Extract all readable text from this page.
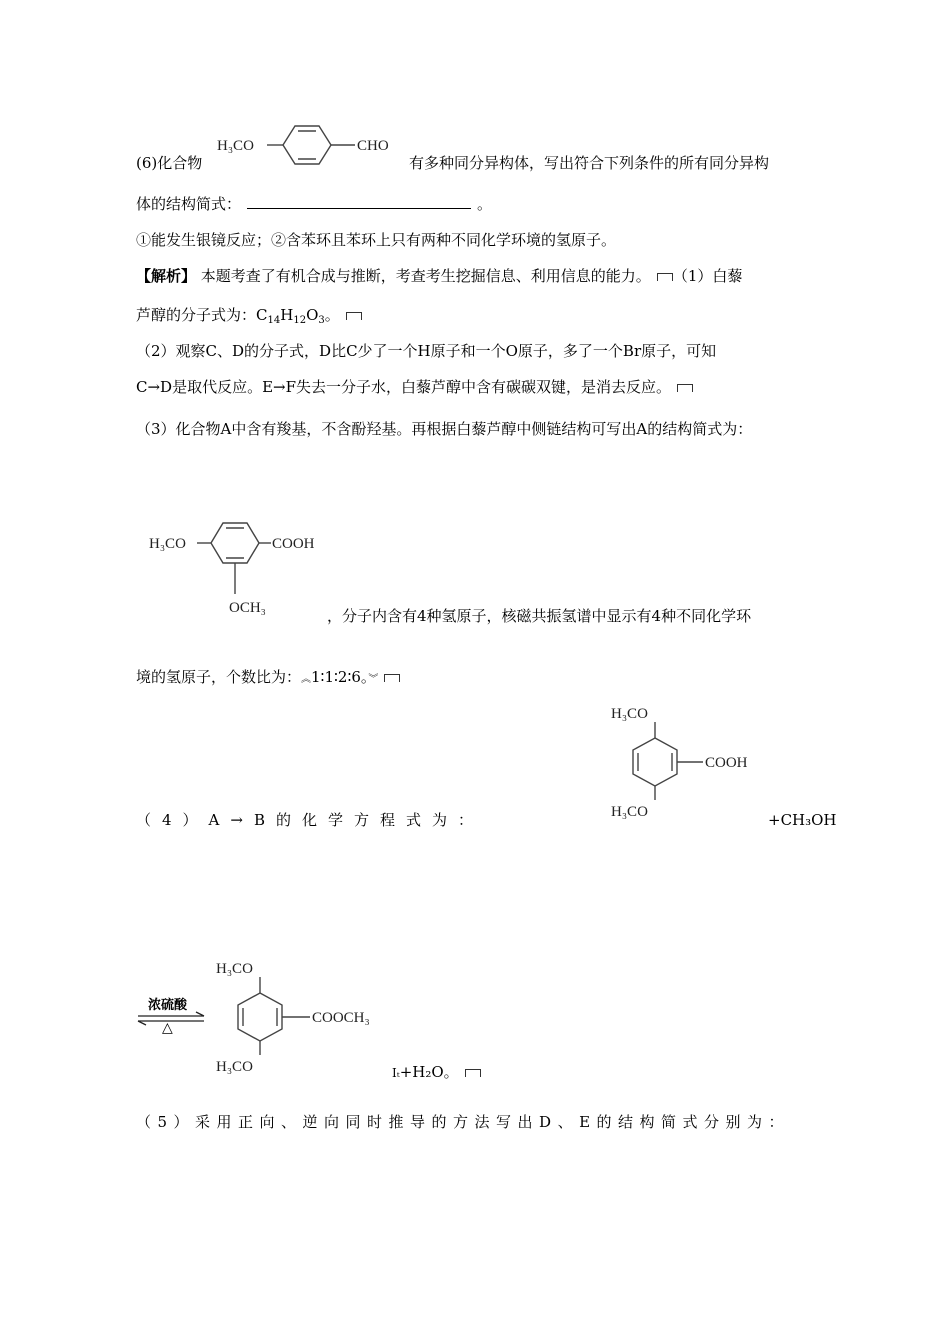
(6)化合物
H₃CO	CHO
有多种同分异构体，写出符合下列条件的所有同分异构
体的结构简式：	。
①能发生银镜反应；②含苯环且苯环上只有两种不同化学环境的氢原子。
【解析】 本题考查了有机合成与推断，考查考生挖掘信息、利用信息的能力。 （1）白藜
芦醇的分子式为：$C_{14}H_{12}O_3$。
（2）观察C、D的分子式，D比C少了一个H原子和一个O原子，多了一个Br原子，可知
C→D是取代反应。E→F失去一分子水，白藜芦醇中含有碳碳双键，是消去反应。
（3）化合物A中含有羧基，不含酚羟基。再根据白藜芦醇中侧链结构可写出A的结构简式为：
H₃CO	COOH
OCH₃	，分子内含有4种氢原子，核磁共振氢谱中显示有4种不同化学环
境的氢原子，个数比为：︽1∶1∶2∶6。︾
（4）A→B的化学方程式为：
H₃CO
COOH
H₃CO	+CH₃OH
浓硫酸
△
H₃CO
COOCH₃
H₃CO	Ⅰₜ+H₂O。
（5）采用正向、逆向同时推导的方法写出D、E的结构简式分别为：
